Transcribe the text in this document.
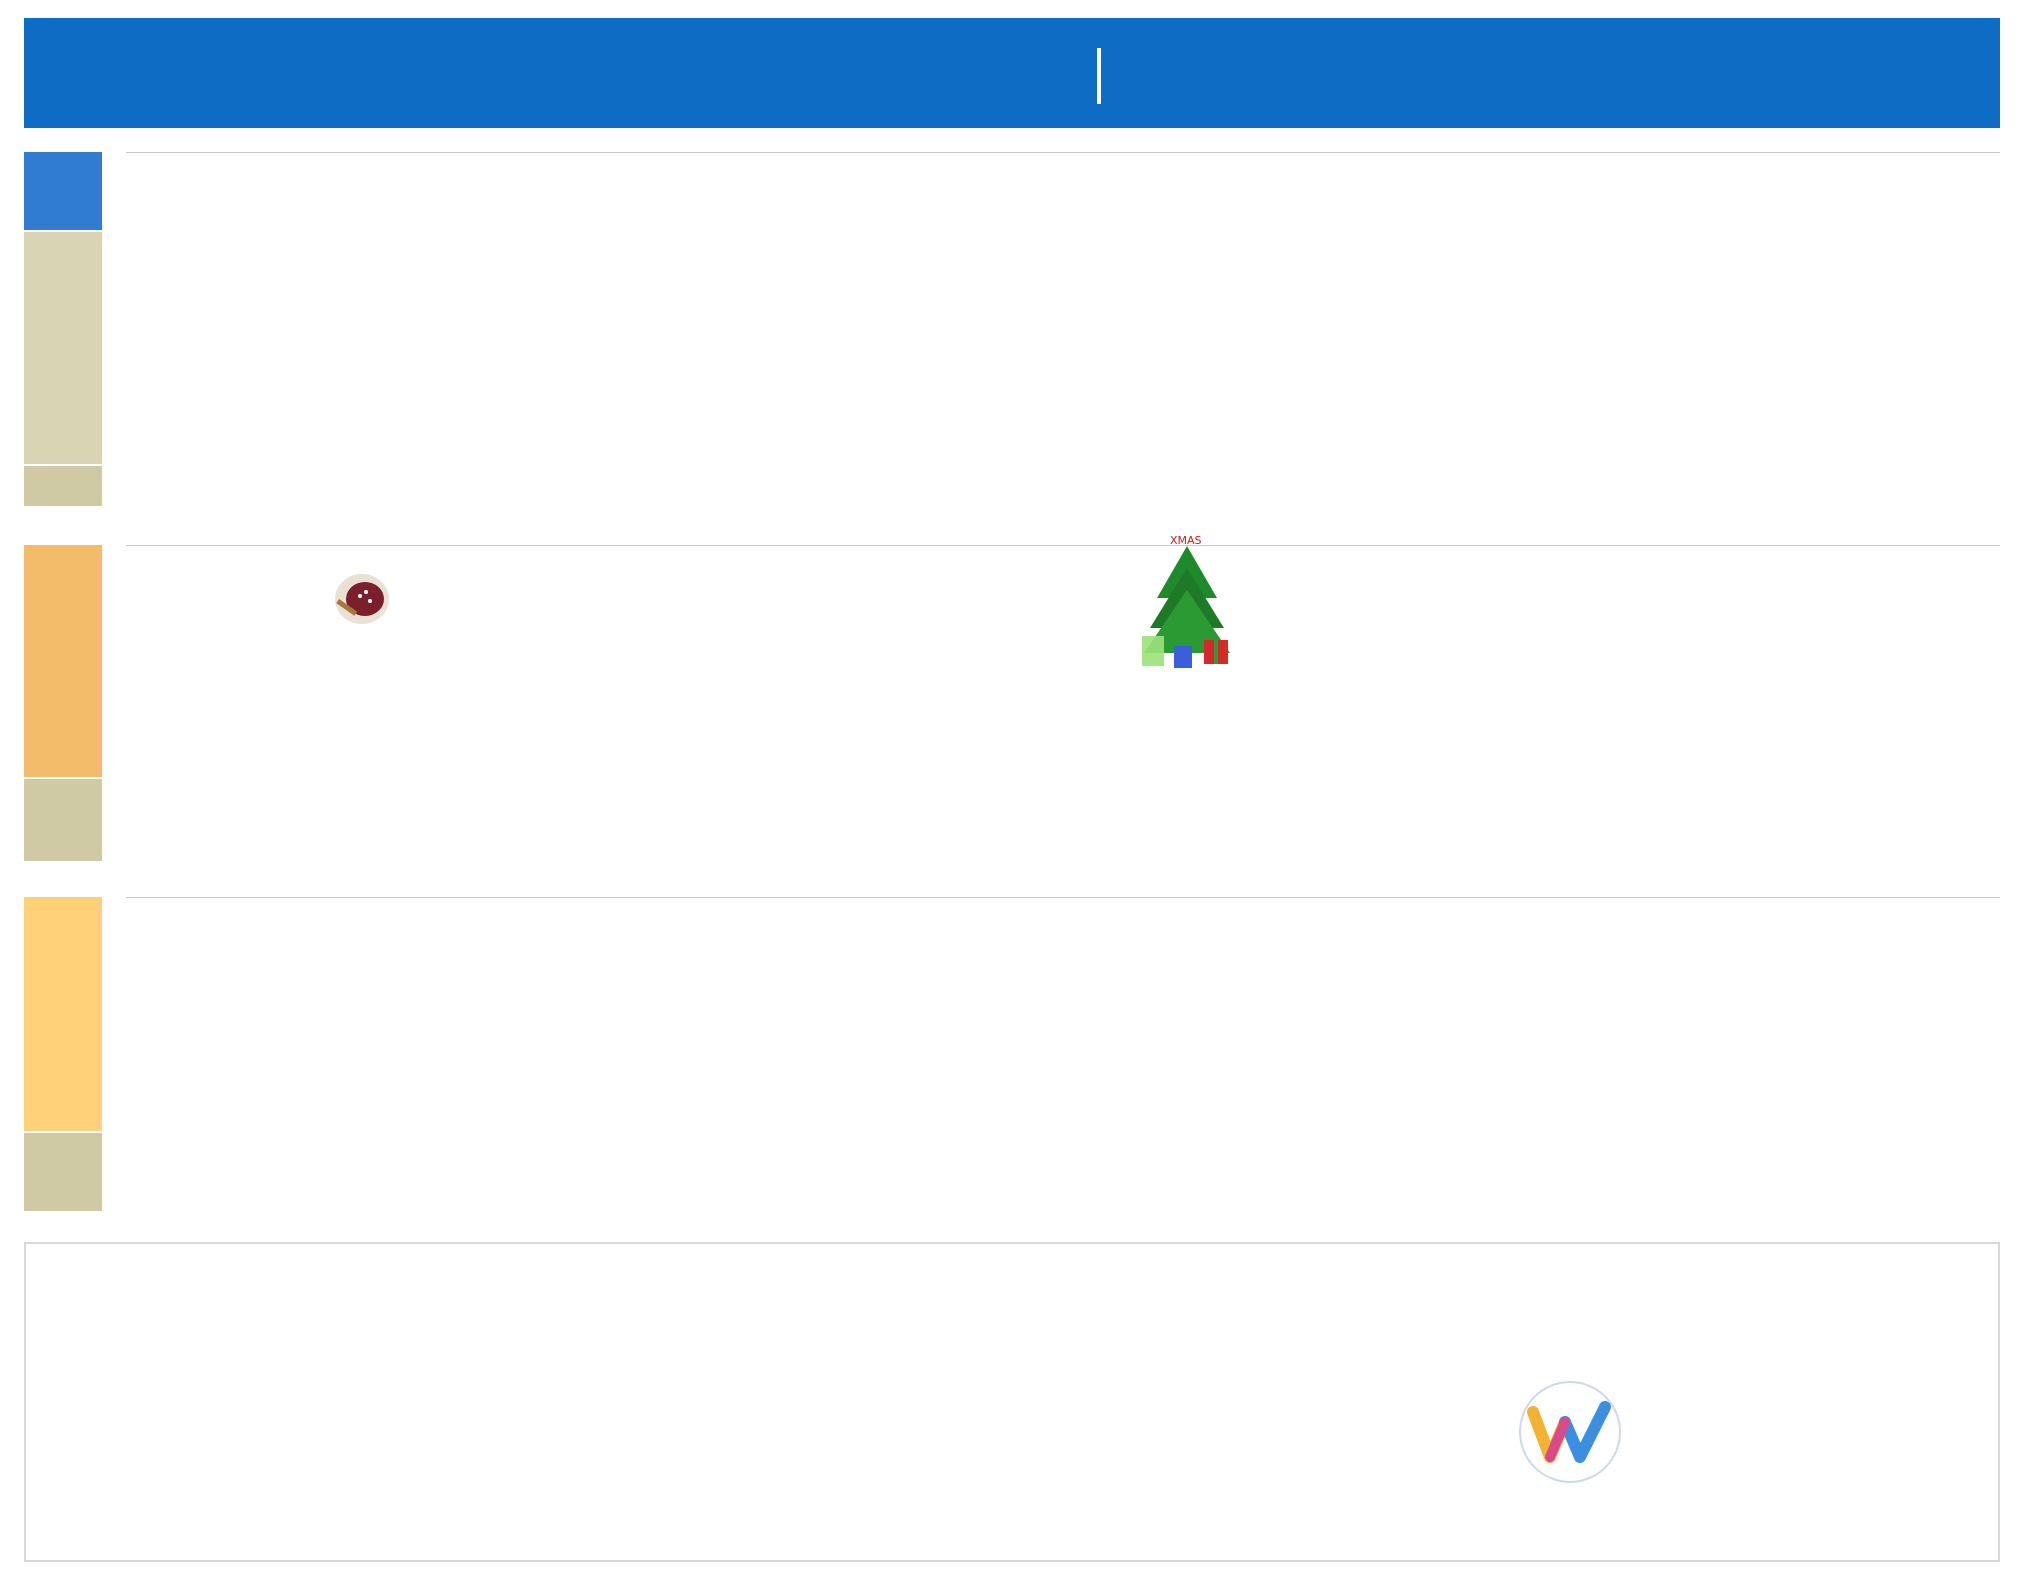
XMAS
